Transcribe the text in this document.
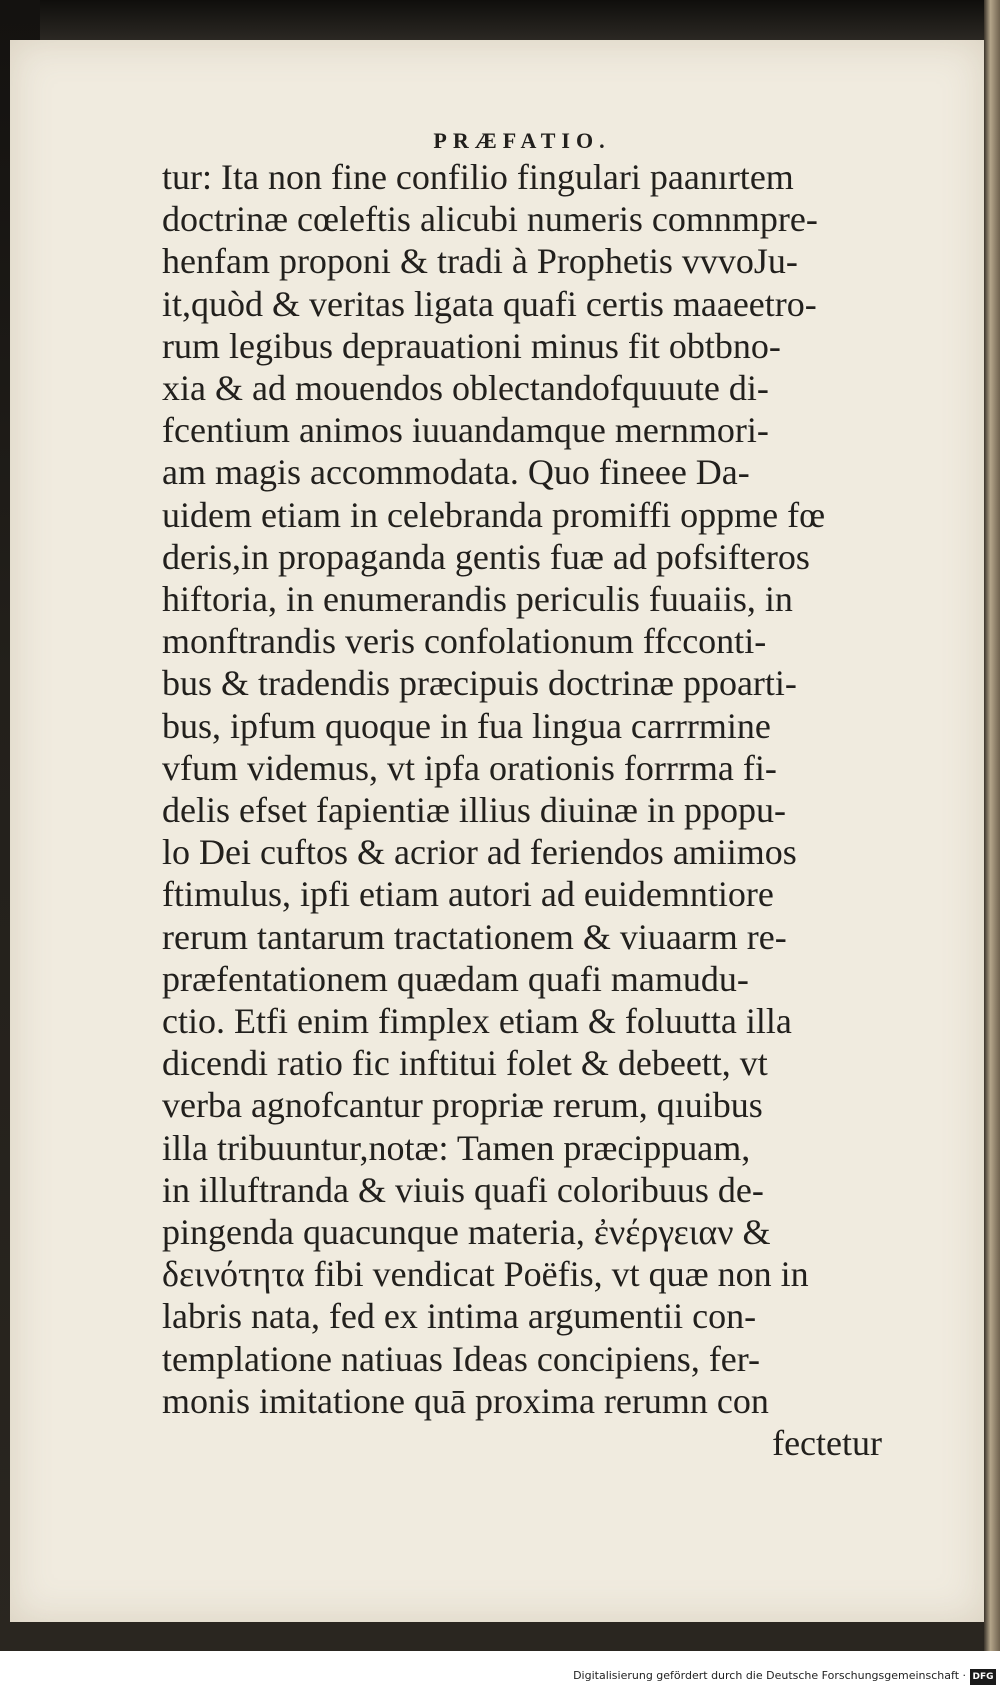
PRÆFATIO.
tur: Ita non fine confilio fingulari paanırtem
doctrinæ cœleftis alicubi numeris comnmpre-
henfam proponi & tradi à Prophetis vvvoJu-
it,quòd & veritas ligata quafi certis maaeetro-
rum legibus deprauationi minus fit obtbno-
xia & ad mouendos oblectandofquuute di-
fcentium animos iuuandamque mernmori-
am magis accommodata. Quo fineee Da-
uidem etiam in celebranda promiffi oppme fœ
deris,in propaganda gentis fuæ ad pofsifteros
hiftoria, in enumerandis periculis fuuaiis, in
monftrandis veris confolationum ffcconti-
bus & tradendis præcipuis doctrinæ ppoarti-
bus, ipfum quoque in fua lingua carrrmine
vfum videmus, vt ipfa orationis forrrma fi-
delis efset fapientiæ illius diuinæ in ppopu-
lo Dei cuftos & acrior ad feriendos amiimos
ftimulus, ipfi etiam autori ad euidemntiore
rerum tantarum tractationem & viuaarm re-
præfentationem quædam quafi mamudu-
ctio. Etfi enim fimplex etiam & foluutta illa
dicendi ratio fic inftitui folet & debeett, vt
verba agnofcantur propriæ rerum, qıuibus
illa tribuuntur,notæ: Tamen præcippuam,
in illuftranda & viuis quafi coloribuus de-
pingenda quacunque materia, ἐνέργειαν &
δεινότητα fibi vendicat Poëfis, vt quæ non in
labris nata, fed ex intima argumentii con-
templatione natiuas Ideas concipiens, fer-
monis imitatione quā proxima rerumn con
fectetur
Digitalisierung gefördert durch die Deutsche Forschungsgemeinschaft · DFG
